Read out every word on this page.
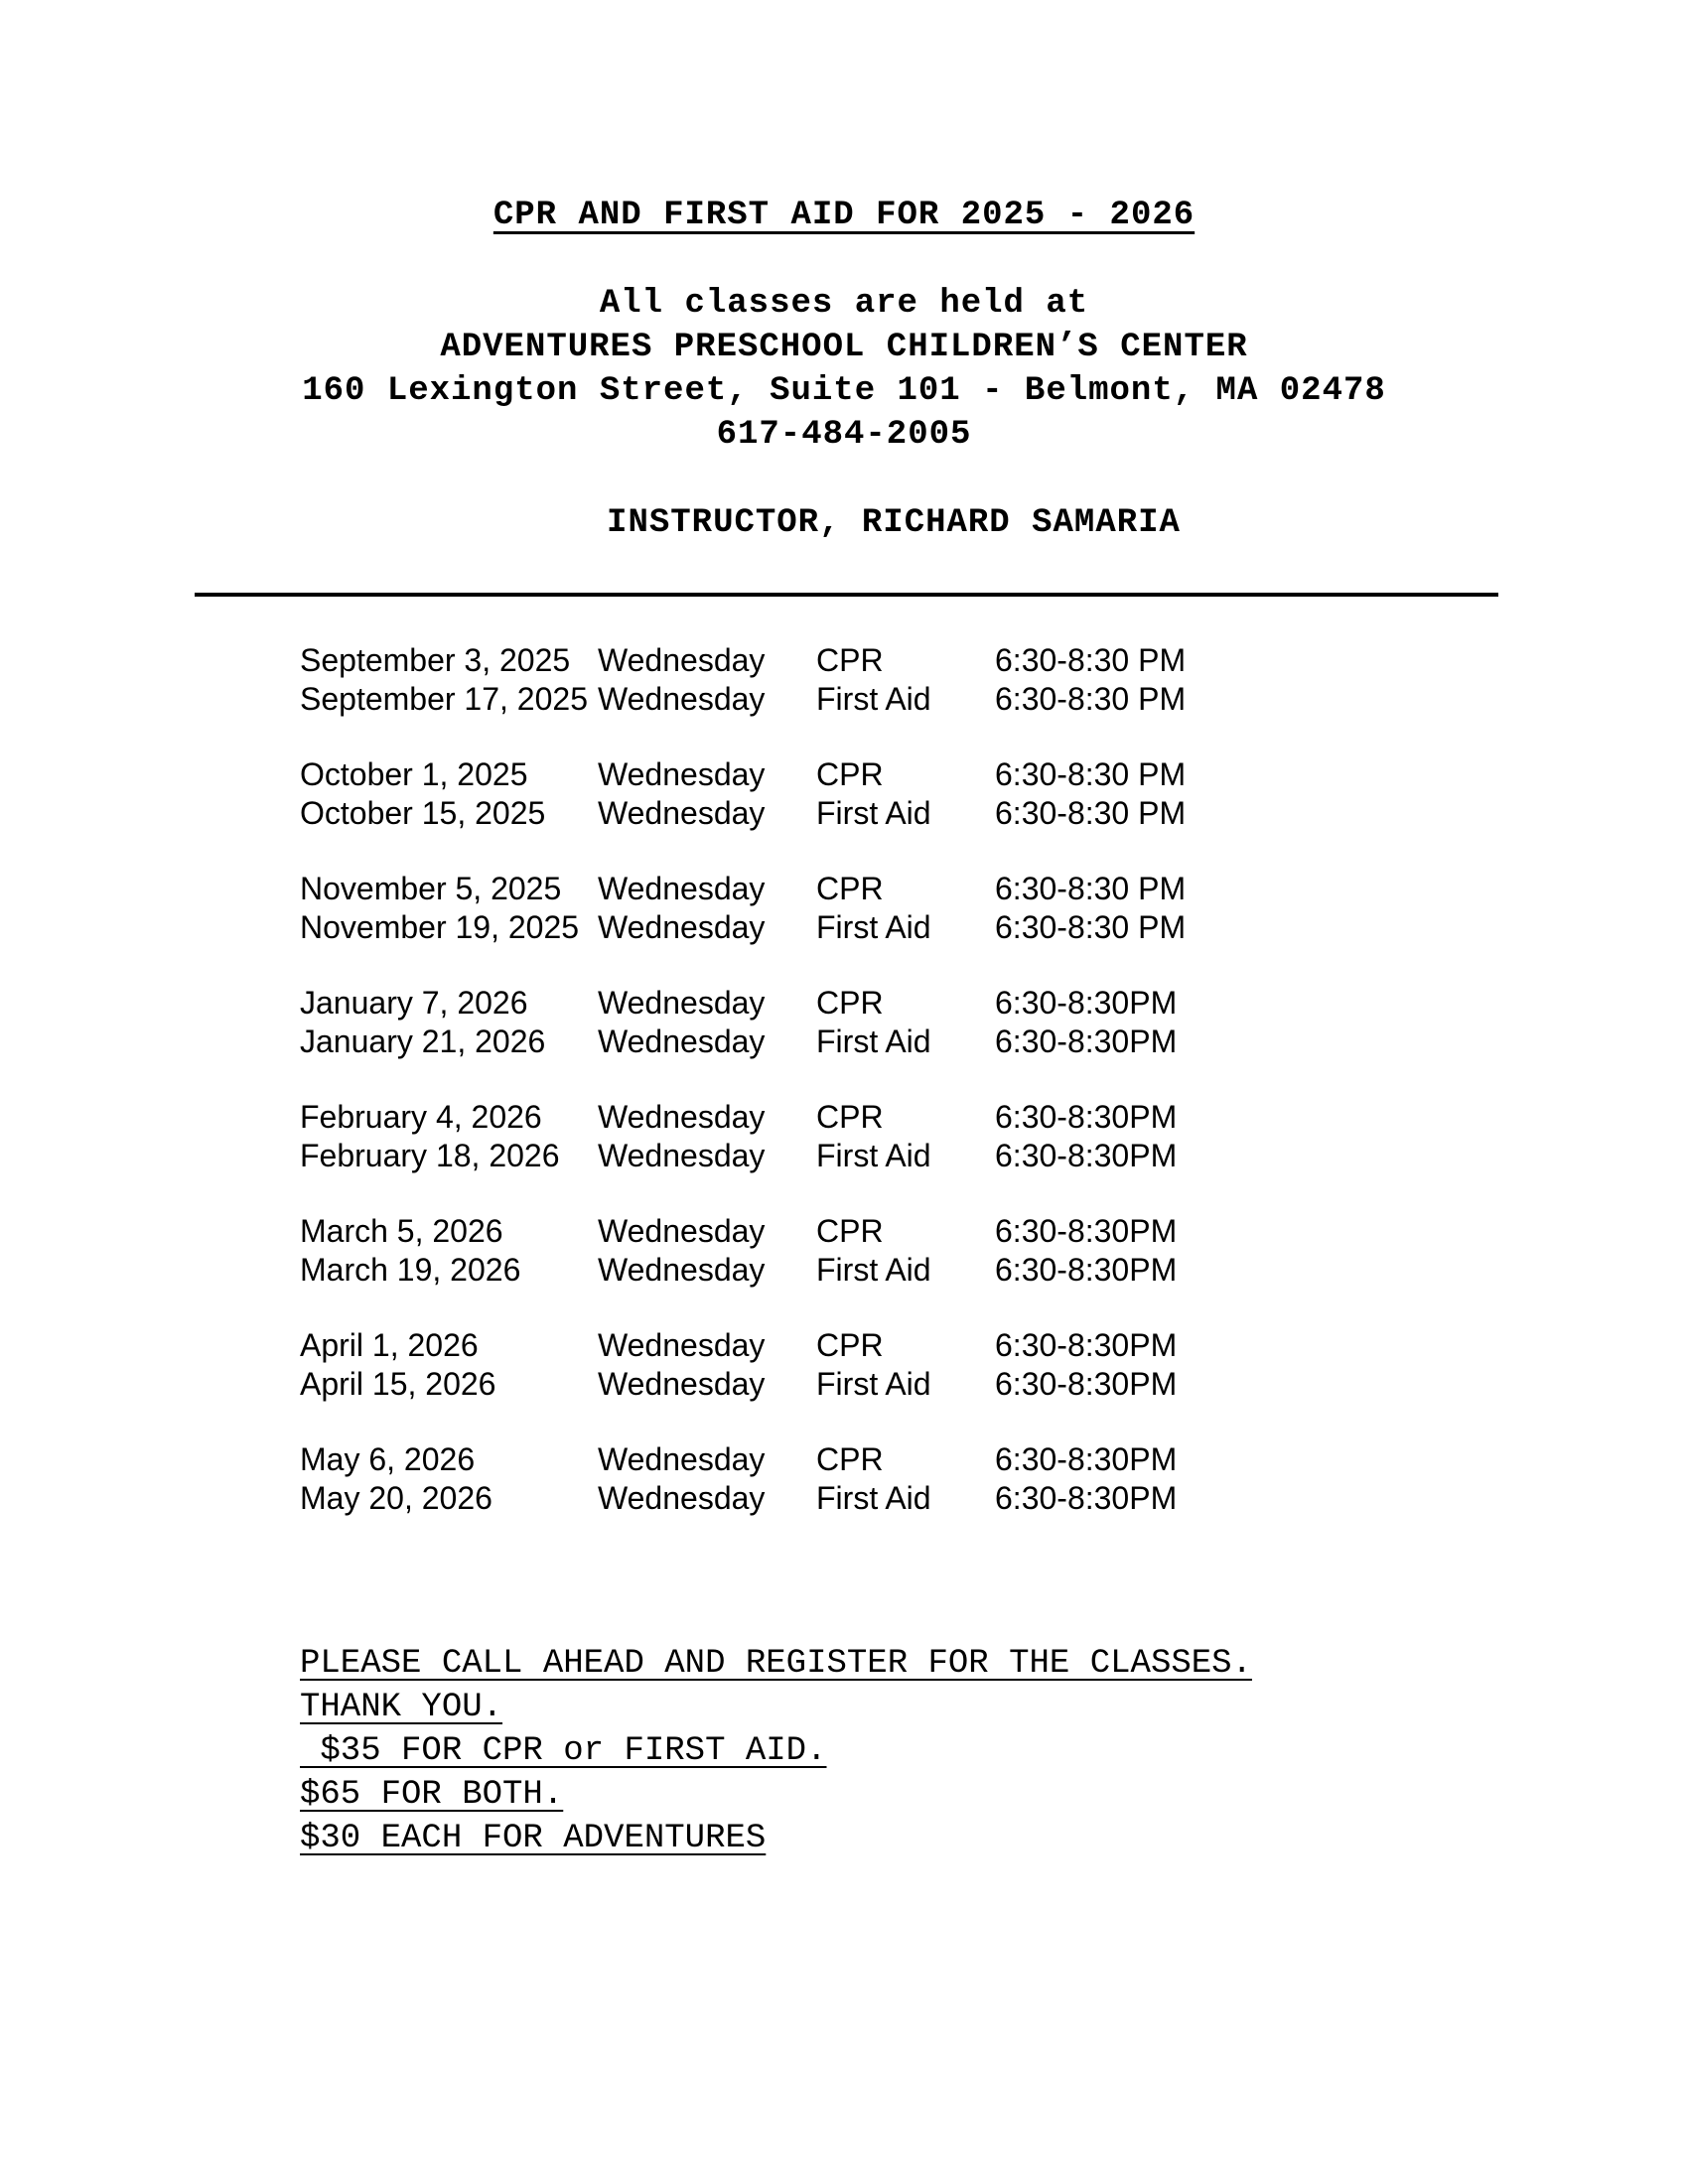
CPR AND FIRST AID FOR 2025 - 2026
All classes are held at
ADVENTURES PRESCHOOL CHILDREN’S CENTER
160 Lexington Street, Suite 101 - Belmont, MA 02478
617-484-2005
INSTRUCTOR, RICHARD SAMARIA
September 3, 2025 Wednesday CPR	6:30-8:30 PM
September 17, 2025 Wednesday First Aid 6:30-8:30 PM
October 1, 2025 Wednesday CPR	6:30-8:30 PM
October 15, 2025 Wednesday First Aid 6:30-8:30 PM
November 5, 2025 Wednesday CPR	6:30-8:30 PM
November 19, 2025 Wednesday First Aid 6:30-8:30 PM
January 7, 2026 Wednesday CPR	6:30-8:30PM
January 21, 2026 Wednesday First Aid 6:30-8:30PM
February 4, 2026 Wednesday CPR	6:30-8:30PM
February 18, 2026 Wednesday First Aid 6:30-8:30PM
March 5, 2026	Wednesday CPR	6:30-8:30PM
March 19, 2026 Wednesday First Aid 6:30-8:30PM
April 1, 2026	Wednesday CPR	6:30-8:30PM
April 15, 2026	Wednesday First Aid 6:30-8:30PM
May 6, 2026	Wednesday CPR	6:30-8:30PM
May 20, 2026	Wednesday First Aid 6:30-8:30PM
PLEASE CALL AHEAD AND REGISTER FOR THE CLASSES.
THANK YOU.
$35 FOR CPR or FIRST AID.
$65 FOR BOTH.
$30 EACH FOR ADVENTURES
